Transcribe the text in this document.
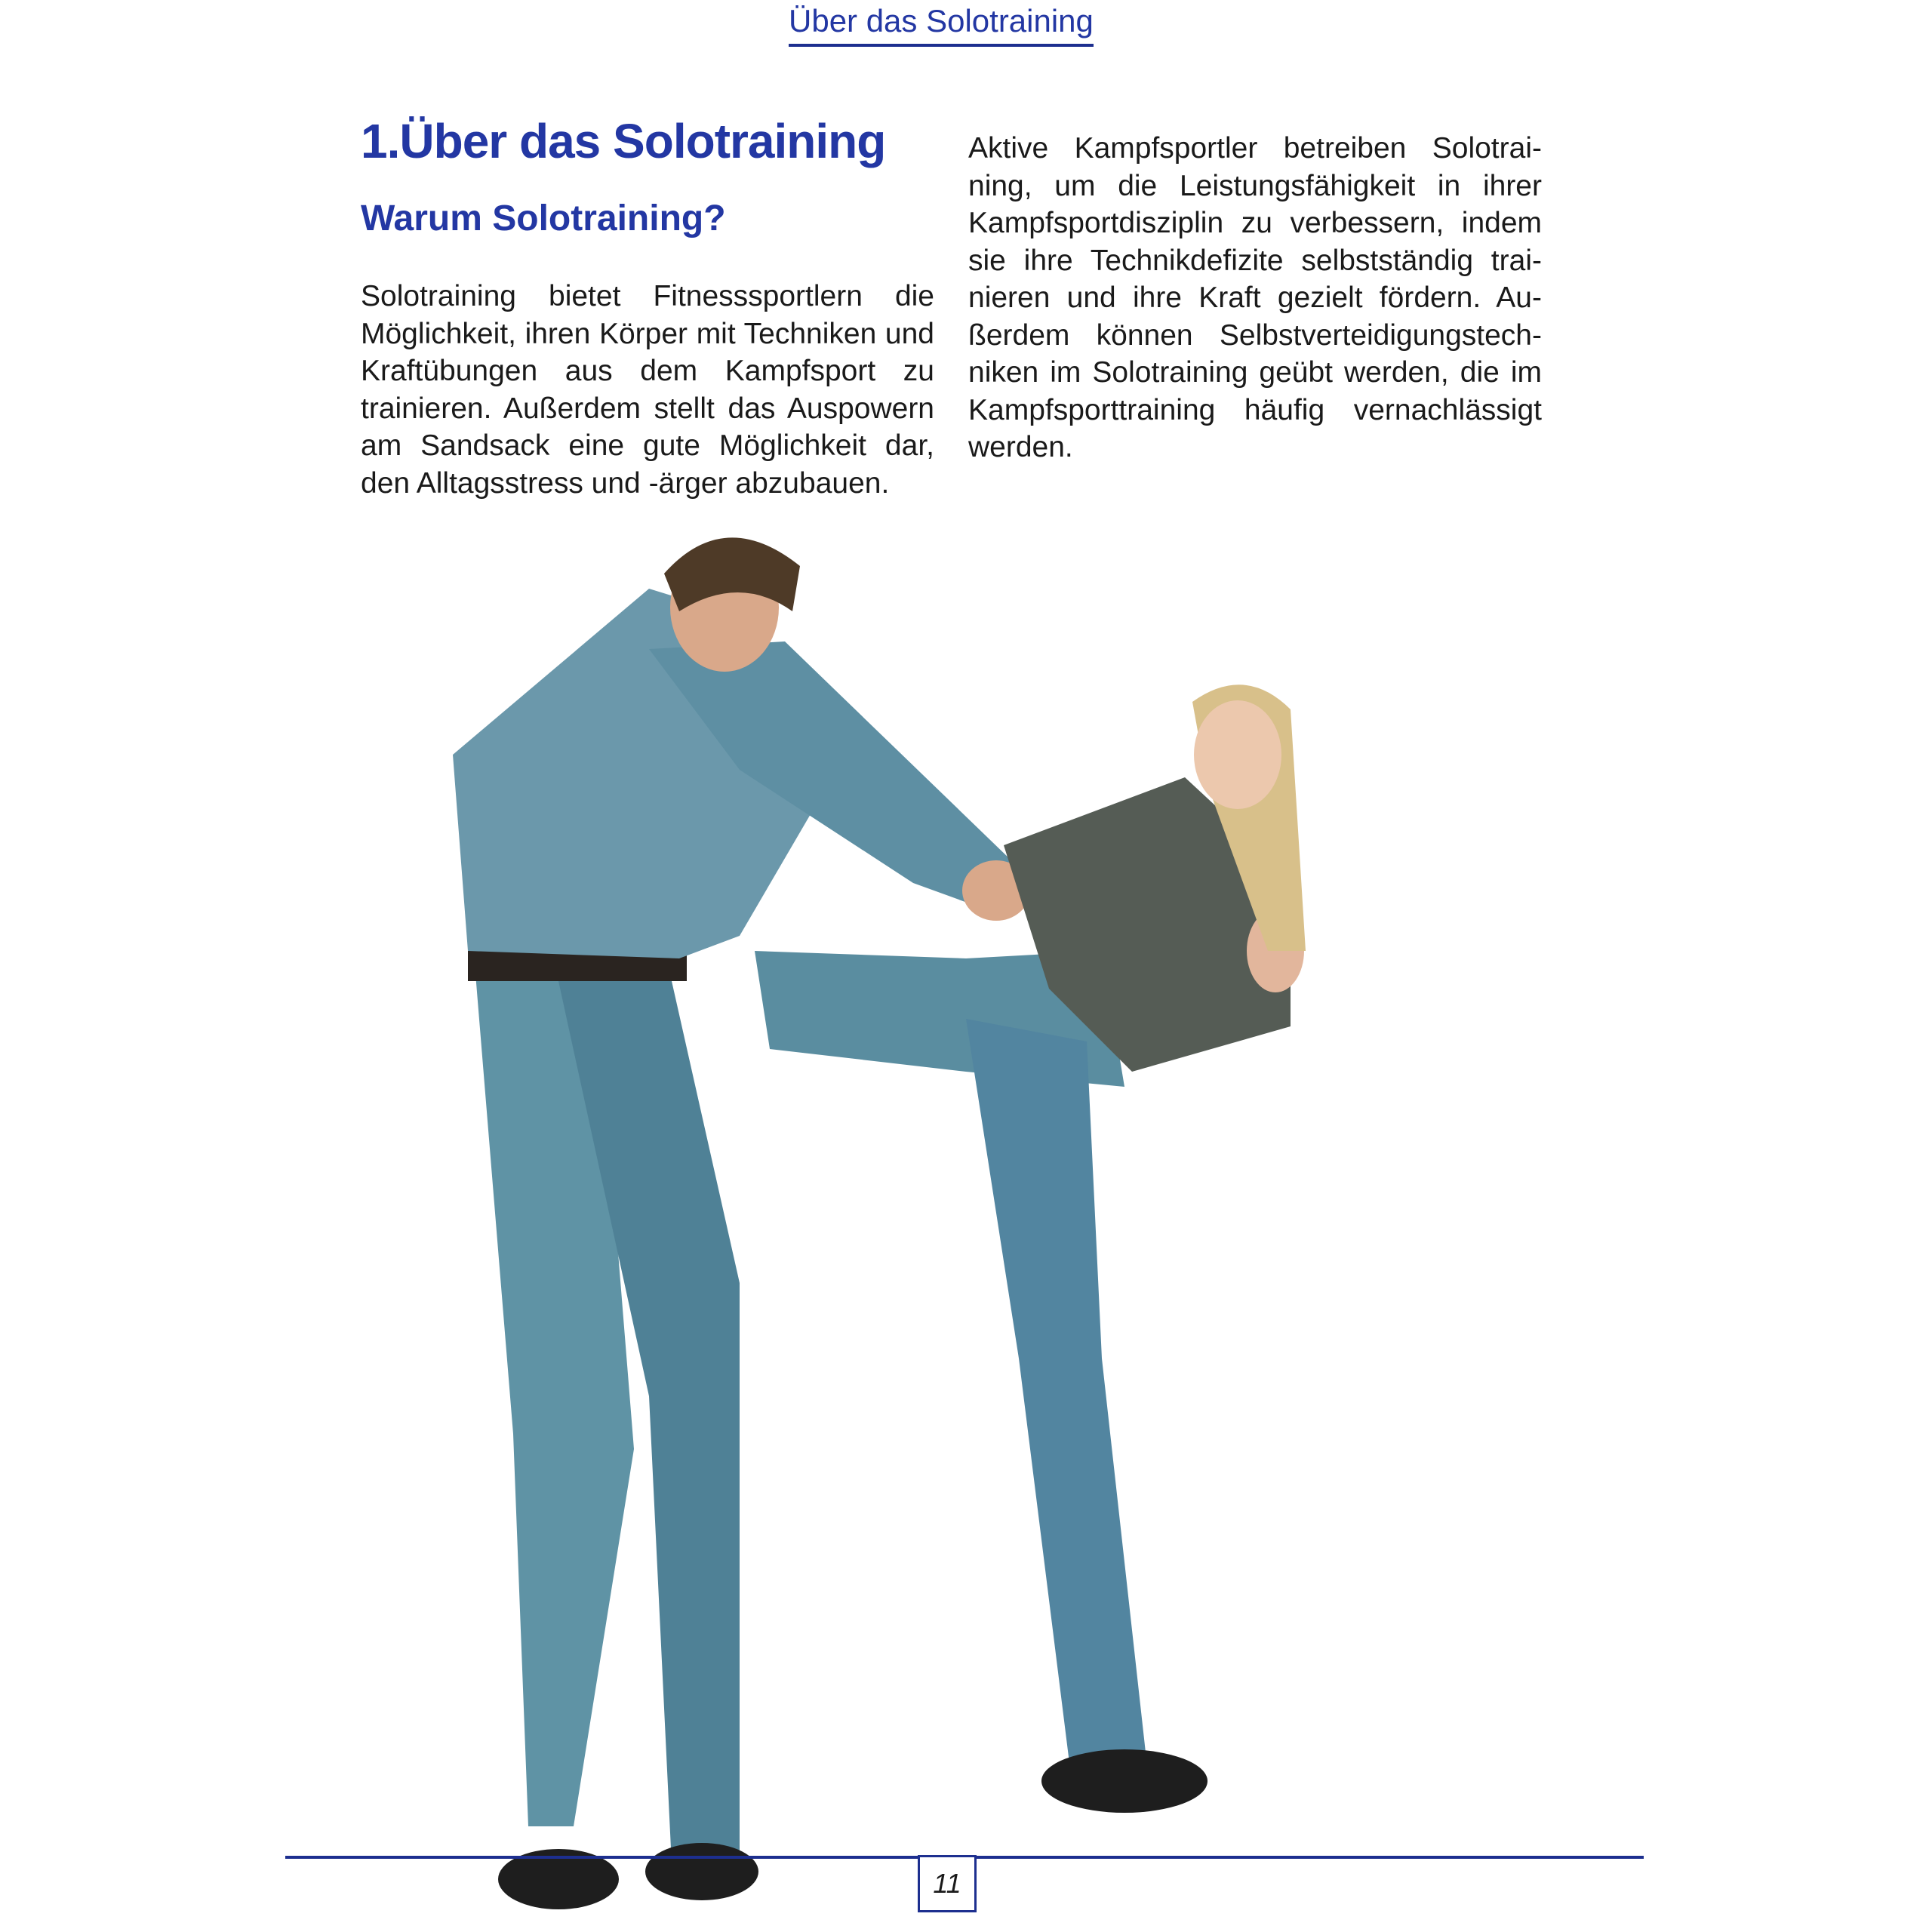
Über das Solotraining
1.Über das Solotraining
Warum Solotraining?

Solotraining bietet Fitnesssportlern die Möglichkeit, ihren Körper mit Techniken und Kraftübungen aus dem Kampfsport zu trainieren. Außerdem stellt das Auspowern am Sandsack eine gute Möglichkeit dar, den Alltagsstress und -ärger abzubauen.

Aktive Kampfsportler betreiben Solotraining, um die Leistungsfähigkeit in ihrer Kampfsportdisziplin zu verbessern, indem sie ihre Technikdefizite selbstständig trainieren und ihre Kraft gezielt fördern. Außerdem können Selbstverteidigungstechniken im Solotraining geübt werden, die im Kampfsporttraining häufig vernachlässigt werden.

11
